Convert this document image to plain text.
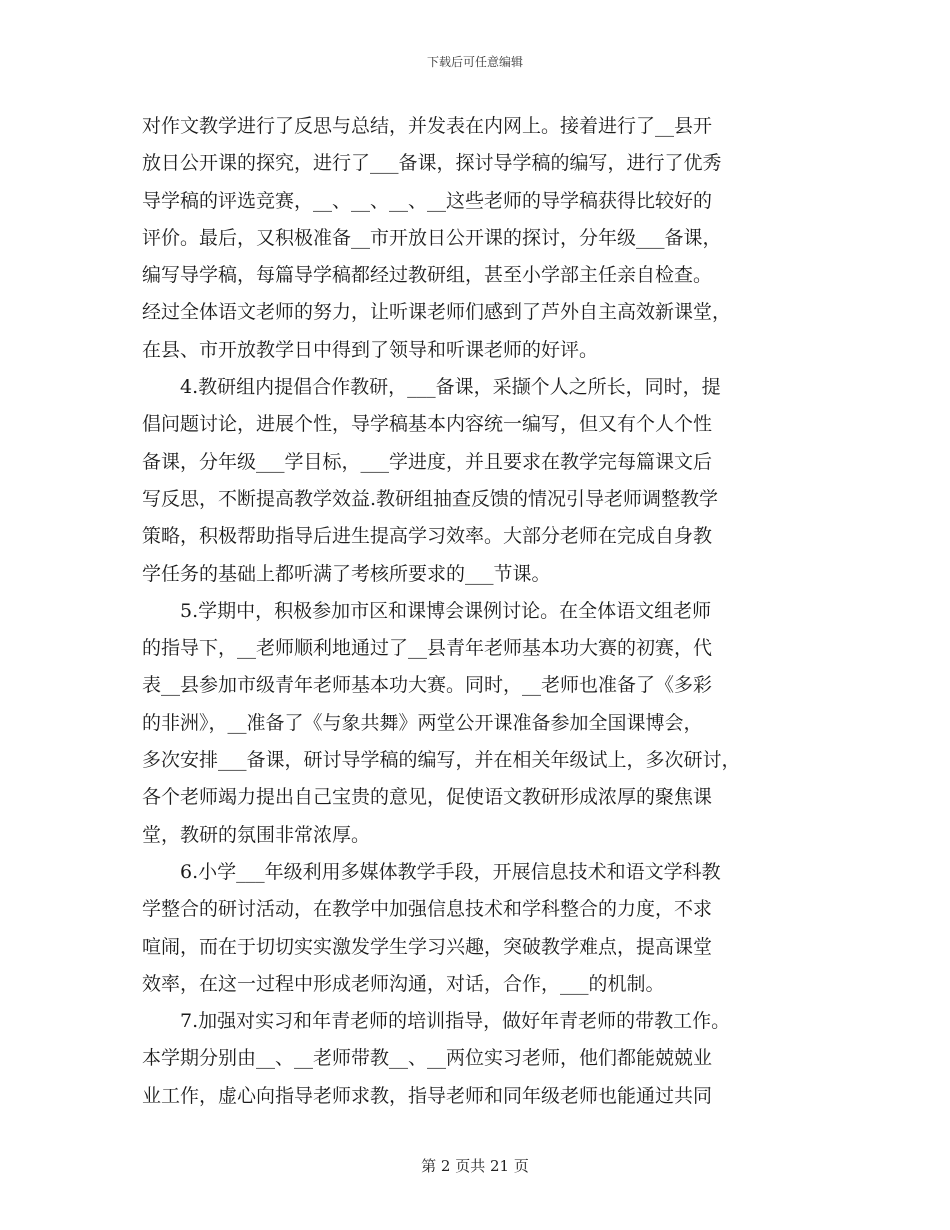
下载后可任意编辑
对作文教学进行了反思与总结，并发表在内网上。接着进行了__县开
放日公开课的探究，进行了___备课，探讨导学稿的编写，进行了优秀
导学稿的评选竞赛，__、__、__、__这些老师的导学稿获得比较好的
评价。最后，又积极准备__市开放日公开课的探讨，分年级___备课，
编写导学稿，每篇导学稿都经过教研组，甚至小学部主任亲自检查。
经过全体语文老师的努力，让听课老师们感到了芦外自主高效新课堂，
在县、市开放教学日中得到了领导和听课老师的好评。
4.教研组内提倡合作教研，___备课，采撷个人之所长，同时，提
倡问题讨论，进展个性，导学稿基本内容统一编写，但又有个人个性
备课，分年级___学目标，___学进度，并且要求在教学完每篇课文后
写反思，不断提高教学效益.教研组抽查反馈的情况引导老师调整教学
策略，积极帮助指导后进生提高学习效率。大部分老师在完成自身教
学任务的基础上都听满了考核所要求的___节课。
5.学期中，积极参加市区和课博会课例讨论。在全体语文组老师
的指导下，__老师顺利地通过了__县青年老师基本功大赛的初赛，代
表__县参加市级青年老师基本功大赛。同时，__老师也准备了《多彩
的非洲》，__准备了《与象共舞》两堂公开课准备参加全国课博会，
多次安排___备课，研讨导学稿的编写，并在相关年级试上，多次研讨，
各个老师竭力提出自己宝贵的意见，促使语文教研形成浓厚的聚焦课
堂，教研的氛围非常浓厚。
6.小学___年级利用多媒体教学手段，开展信息技术和语文学科教
学整合的研讨活动，在教学中加强信息技术和学科整合的力度，不求
喧闹，而在于切切实实激发学生学习兴趣，突破教学难点，提高课堂
效率，在这一过程中形成老师沟通，对话，合作，___的机制。
7.加强对实习和年青老师的培训指导，做好年青老师的带教工作。
本学期分别由__、__老师带教__、__两位实习老师，他们都能兢兢业
业工作，虚心向指导老师求教，指导老师和同年级老师也能通过共同
第 2 页共 21 页
